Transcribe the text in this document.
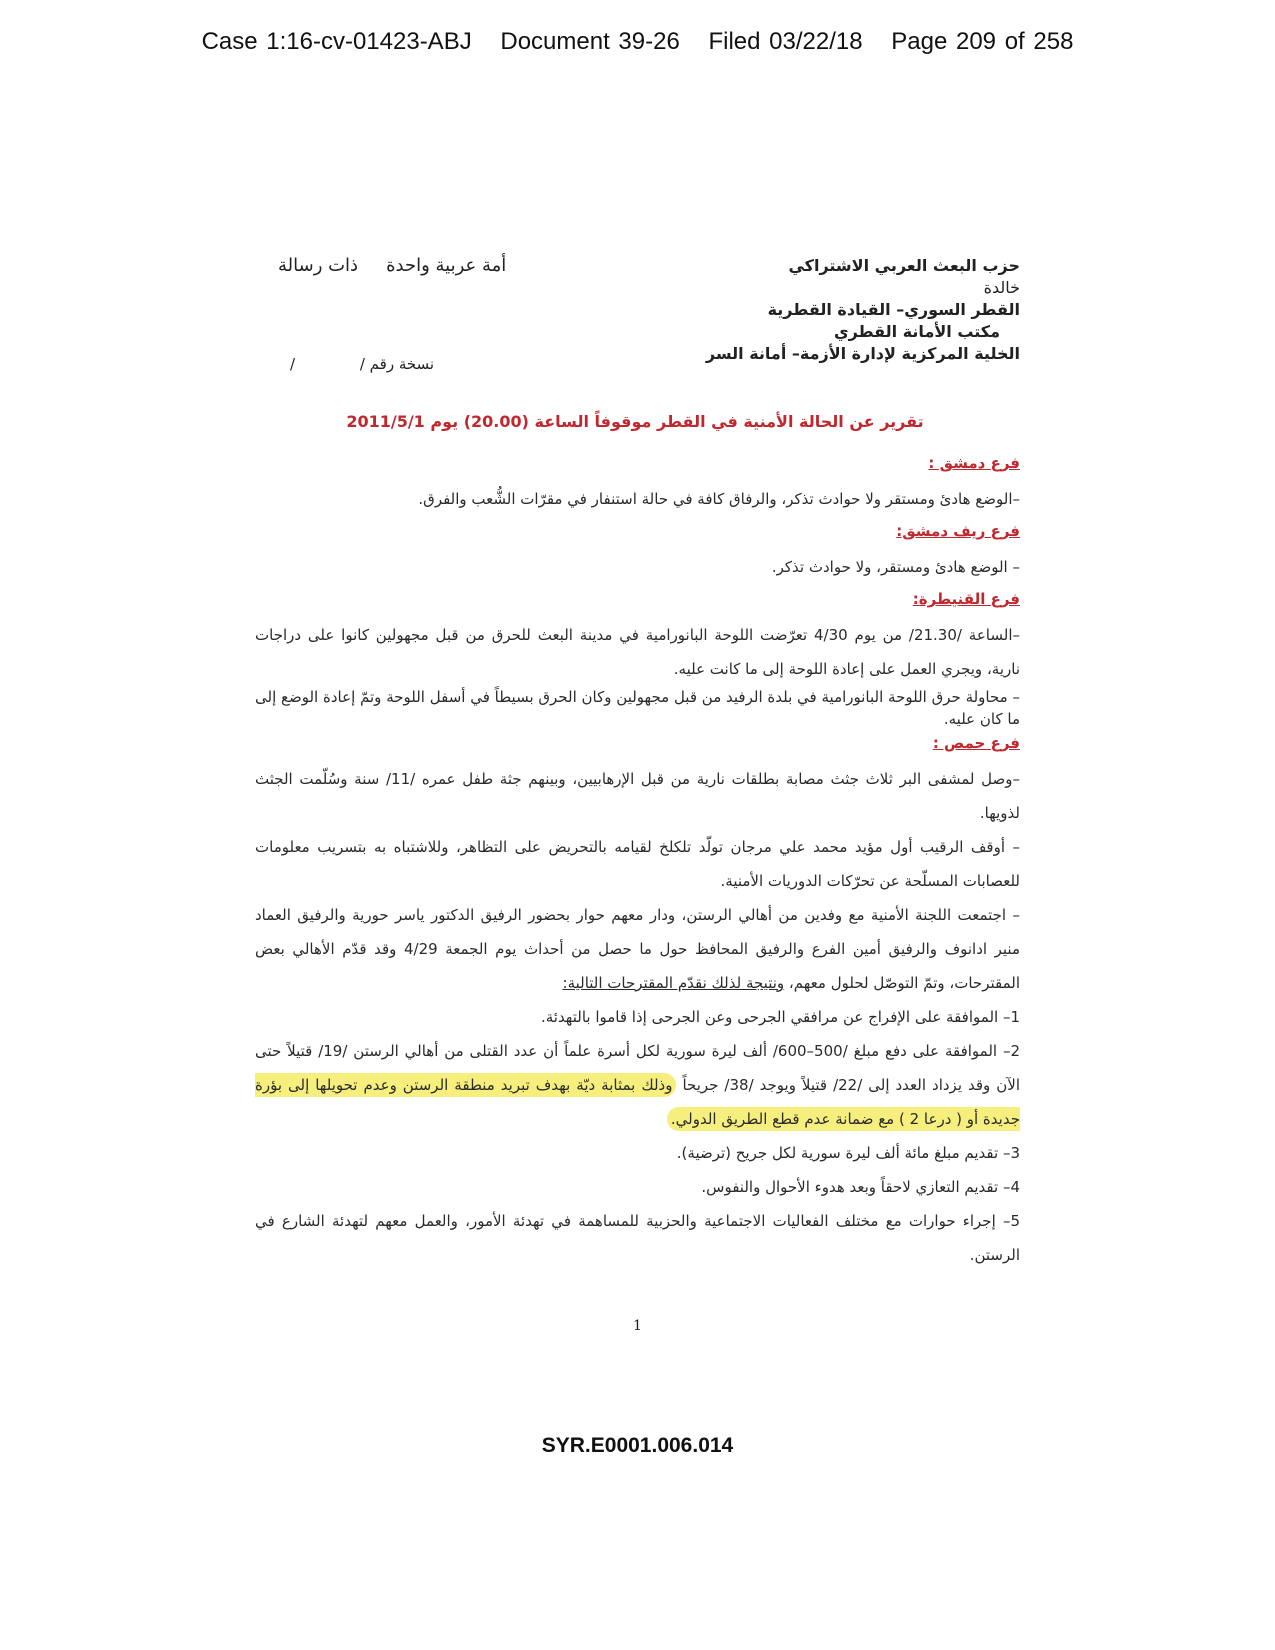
Case 1:16-cv-01423-ABJ Document 39-26 Filed 03/22/18 Page 209 of 258
حزب البعث العربي الاشتراكي
خالدة
القطر السوري– القيادة القطرية
مكتب الأمانة القطري
الخلية المركزية لإدارة الأزمة– أمانة السر
أمة عربية واحدةذات رسالة
نسخة رقم / /
تقرير عن الحالة الأمنية في القطر موقوفاً الساعة (20.00) يوم 2011/5/1
فرع دمشق :

–الوضع هادئ ومستقر ولا حوادث تذكر، والرفاق كافة في حالة استنفار في مقرّات الشُّعب والفرق.

فرع ريف دمشق:

– الوضع هادئ ومستقر، ولا حوادث تذكر.

فرع القنيطرة:

–الساعة /21.30/ من يوم 4/30 تعرّضت اللوحة البانورامية في مدينة البعث للحرق من قبل مجهولين كانوا على دراجات نارية، ويجري العمل على إعادة اللوحة إلى ما كانت عليه.

– محاولة حرق اللوحة البانورامية في بلدة الرفيد من قبل مجهولين وكان الحرق بسيطاً في أسفل اللوحة وتمّ إعادة الوضع إلى ما كان عليه.

فرع حمص :

–وصل لمشفى البر ثلاث جثث مصابة بطلقات نارية من قبل الإرهابيين، وبينهم جثة طفل عمره /11/ سنة وسُلّمت الجثث لذويها.

– أوقف الرقيب أول مؤيد محمد علي مرجان تولّد تلكلخ لقيامه بالتحريض على التظاهر، وللاشتباه به بتسريب معلومات للعصابات المسلّحة عن تحرّكات الدوريات الأمنية.

– اجتمعت اللجنة الأمنية مع وفدين من أهالي الرستن، ودار معهم حوار بحضور الرفيق الدكتور ياسر حورية والرفيق العماد منير ادانوف والرفيق أمين الفرع والرفيق المحافظ حول ما حصل من أحداث يوم الجمعة 4/29 وقد قدّم الأهالي بعض المقترحات، وتمّ التوصّل لحلول معهم، ونتيجة لذلك نقدّم المقترحات التالية:

1– الموافقة على الإفراج عن مرافقي الجرحى وعن الجرحى إذا قاموا بالتهدئة.

2– الموافقة على دفع مبلغ /500–600/ ألف ليرة سورية لكل أسرة علماً أن عدد القتلى من أهالي الرستن /19/ قتيلاً حتى الآن وقد يزداد العدد إلى /22/ قتيلاً ويوجد /38/ جريحاً وذلك بمثابة ديّة بهدف تبريد منطقة الرستن وعدم تحويلها إلى بؤرة جديدة أو ( درعا 2 ) مع ضمانة عدم قطع الطريق الدولي.

3– تقديم مبلغ مائة ألف ليرة سورية لكل جريح (ترضية).

4– تقديم التعازي لاحقاً وبعد هدوء الأحوال والنفوس.

5– إجراء حوارات مع مختلف الفعاليات الاجتماعية والحزبية للمساهمة في تهدئة الأمور، والعمل معهم لتهدئة الشارع في الرستن.

1
SYR.E0001.006.014
